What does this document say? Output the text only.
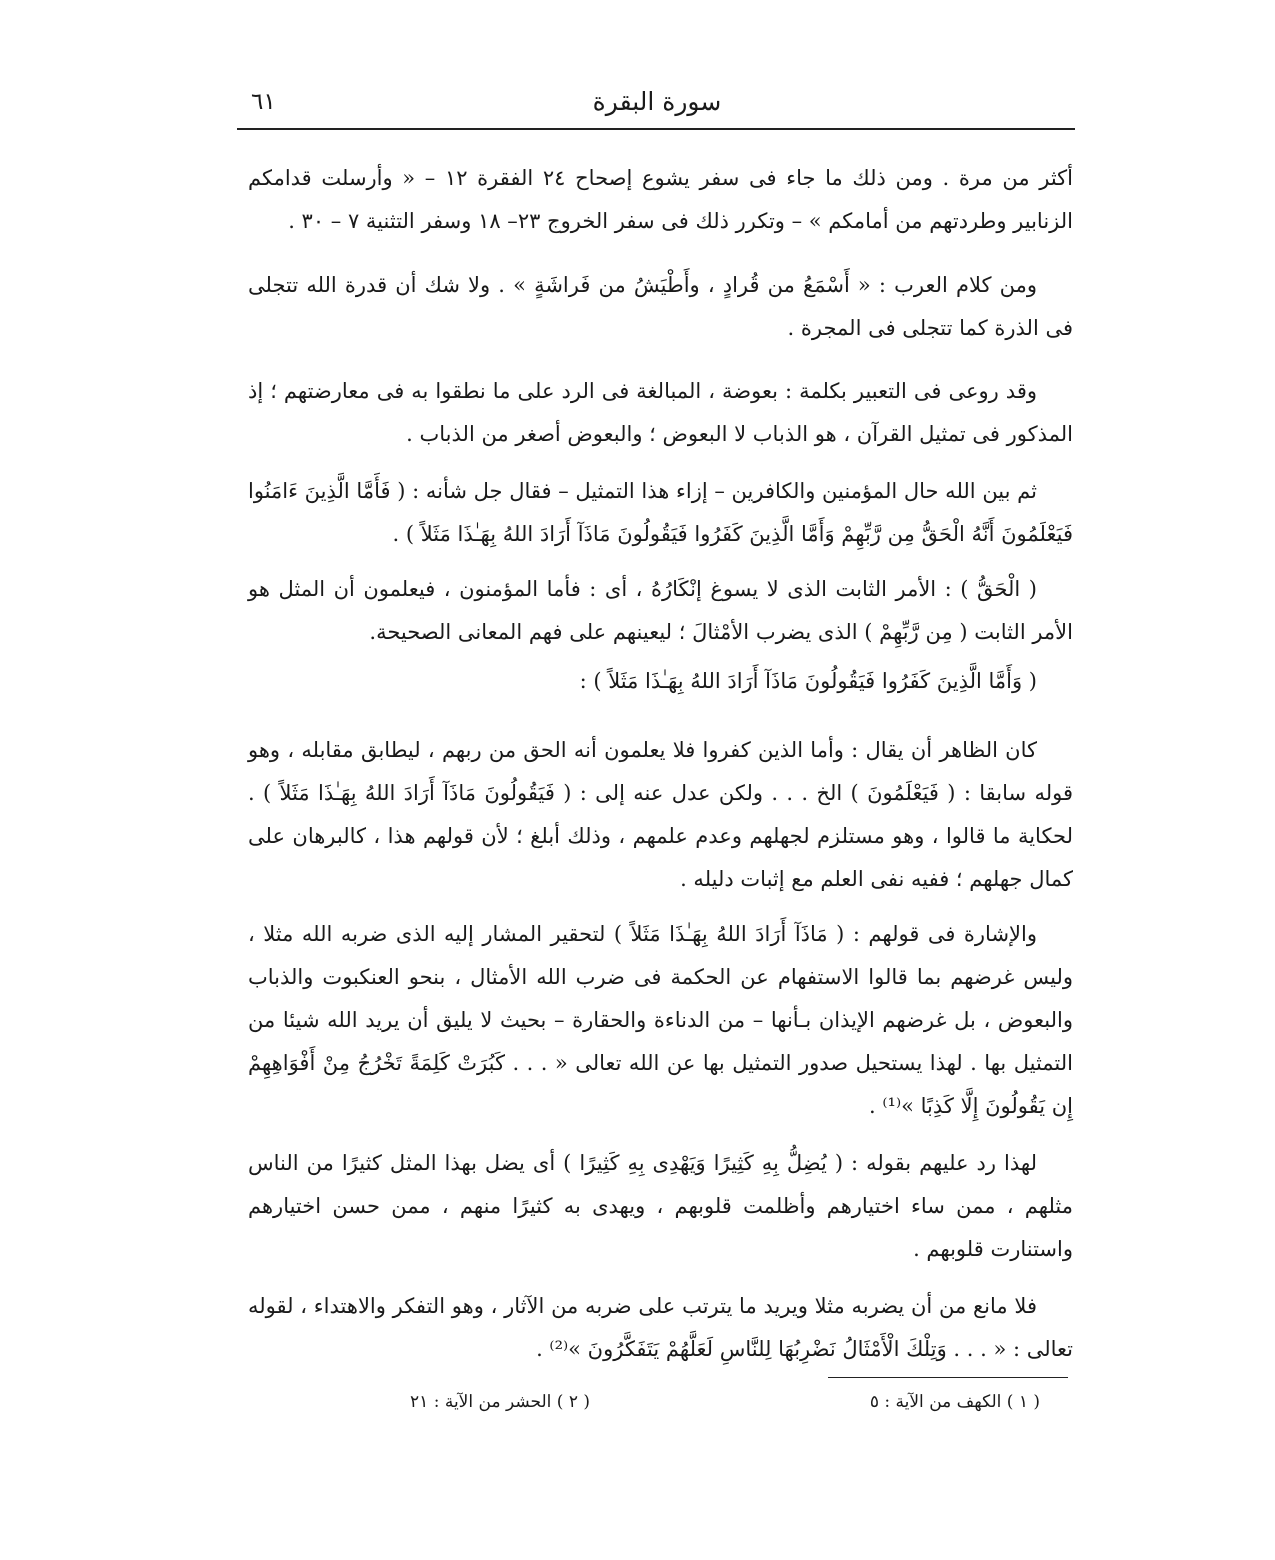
سورة البقرة
٦١

أكثر من مرة . ومن ذلك ما جاء فى سفر يشوع إصحاح ٢٤ الفقرة ١٢ – « وأرسلت قدامكم الزنابير وطردتهم من أمامكم » – وتكرر ذلك فى سفر الخروج ٢٣– ١٨ وسفر التثنية ٧ – ٣٠ .

ومن كلام العرب : « أَسْمَعُ من قُرادٍ ، وأَطْيَشُ من فَراشَةٍ » . ولا شك أن قدرة الله تتجلى فى الذرة كما تتجلى فى المجرة .

وقد روعى فى التعبير بكلمة : بعوضة ، المبالغة فى الرد على ما نطقوا به فى معارضتهم ؛ إذ المذكور فى تمثيل القرآن ، هو الذباب لا البعوض ؛ والبعوض أصغر من الذباب .

ثم بين الله حال المؤمنين والكافرين – إزاء هذا التمثيل – فقال جل شأنه : ( فَأَمَّا الَّذِينَ ءَامَنُوا فَيَعْلَمُونَ أَنَّهُ الْحَقُّ مِن رَّبِّهِمْ وَأَمَّا الَّذِينَ كَفَرُوا فَيَقُولُونَ مَاذَآ أَرَادَ اللهُ بِهَـٰذَا مَثَلاً ) .

( الْحَقُّ ) : الأمر الثابت الذى لا يسوغ إنْكَارُهُ ، أى : فأما المؤمنون ، فيعلمون أن المثل هو الأمر الثابت ( مِن رَّبِّهِمْ ) الذى يضرب الأمْثالَ ؛ ليعينهم على فهم المعانى الصحيحة.

( وَأَمَّا الَّذِينَ كَفَرُوا فَيَقُولُونَ مَاذَآ أَرَادَ اللهُ بِهَـٰذَا مَثَلاً ) :

كان الظاهر أن يقال : وأما الذين كفروا فلا يعلمون أنه الحق من ربهم ، ليطابق مقابله ، وهو قوله سابقا : ( فَيَعْلَمُونَ ) الخ . . . ولكن عدل عنه إلى : ( فَيَقُولُونَ مَاذَآ أَرَادَ اللهُ بِهَـٰذَا مَثَلاً ) . لحكاية ما قالوا ، وهو مستلزم لجهلهم وعدم علمهم ، وذلك أبلغ ؛ لأن قولهم هذا ، كالبرهان على كمال جهلهم ؛ ففيه نفى العلم مع إثبات دليله .

والإشارة فى قولهم : ( مَاذَآ أَرَادَ اللهُ بِهَـٰذَا مَثَلاً ) لتحقير المشار إليه الذى ضربه الله مثلا ، وليس غرضهم بما قالوا الاستفهام عن الحكمة فى ضرب الله الأمثال ، بنحو العنكبوت والذباب والبعوض ، بل غرضهم الإيذان بـأنها – من الدناءة والحقارة – بحيث لا يليق أن يريد الله شيئا من التمثيل بها . لهذا يستحيل صدور التمثيل بها عن الله تعالى « . . . كَبُرَتْ كَلِمَةً تَخْرُجُ مِنْ أَفْوَاهِهِمْ إِن يَقُولُونَ إِلَّا كَذِبًا »⁽¹⁾ .

لهذا رد عليهم بقوله : ( يُضِلُّ بِهِ كَثِيرًا وَيَهْدِى بِهِ كَثِيرًا ) أى يضل بهذا المثل كثيرًا من الناس مثلهم ، ممن ساء اختيارهم وأظلمت قلوبهم ، ويهدى به كثيرًا منهم ، ممن حسن اختيارهم واستنارت قلوبهم .

فلا مانع من أن يضربه مثلا ويريد ما يترتب على ضربه من الآثار ، وهو التفكر والاهتداء ، لقوله تعالى : « . . . وَتِلْكَ الْأَمْثَالُ نَضْرِبُهَا لِلنَّاسِ لَعَلَّهُمْ يَتَفَكَّرُونَ »⁽²⁾ .

( ١ ) الكهف من الآية : ٥
( ٢ ) الحشر من الآية : ٢١
